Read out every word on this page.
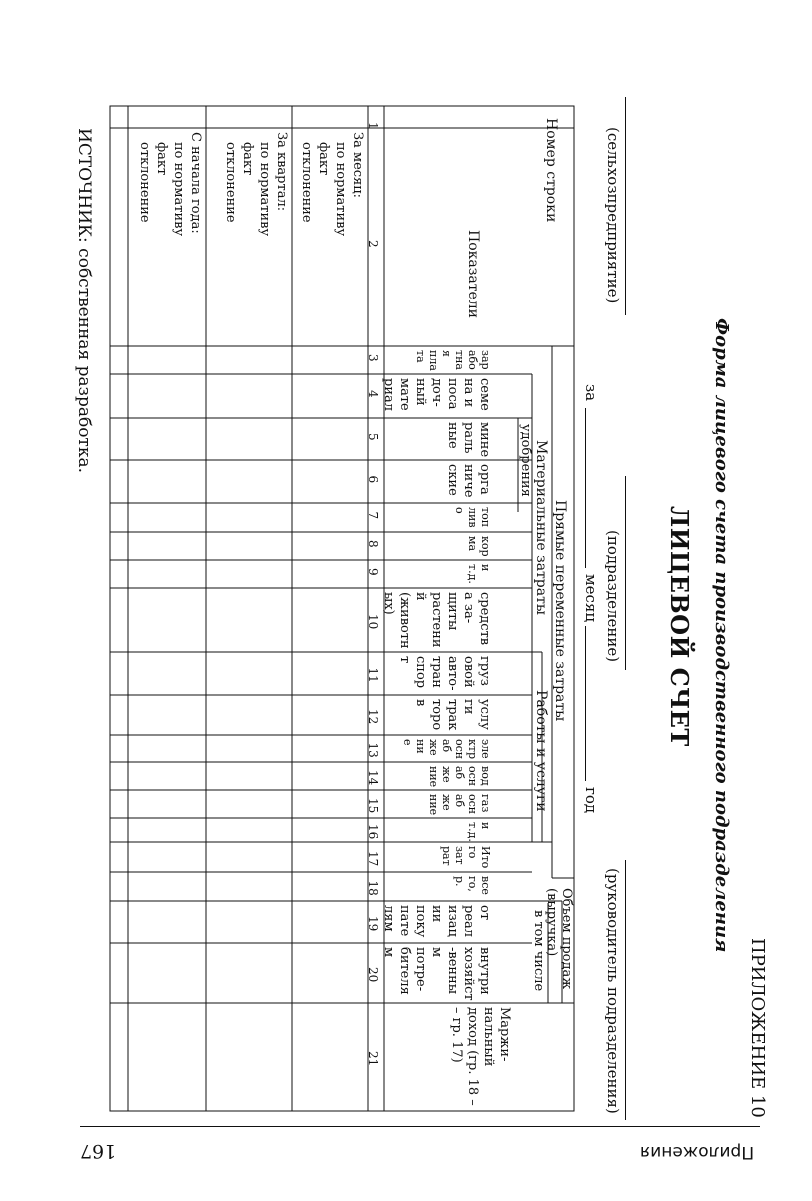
Приложения
167
ПРИЛОЖЕНИЕ 10
Форма лицевого счета производственного подразделения
ЛИЦЕВОЙ СЧЕТ
(сельхозпредприятие)
(подразделение)
(руководитель подразделения)
за
месяц
год
Номер строки
Показатели
1
2
Прямые переменные затраты
Материальные затраты
удобрения
Работы и услуги
Объем продаж (выручка)
в том числе
заработная плата
3
семена и посадоч-ный материал
4
минеральные
5
органические
6
топливо
7
корма
8
и т.д.
9
средства за-щиты растений (животных)
10
грузовой авто-транспорт
11
услуги тракторов
12
электроснабжение
13
водоснабжение
14
газоснабжение
15
и т.д.
16
Итого затрат
17
всего, р.
18
от реализации покупателям
19
внутрихозяйст-венным потре-бителям
20
Маржинальный доход (гр. 18 – – гр. 17)
21
За месяц:
по нормативу
факт
отклонение
За квартал:
по нормативу
факт
отклонение
С начала года:
по нормативу
факт
отклонение
ИСТОЧНИК: собственная разработка.
